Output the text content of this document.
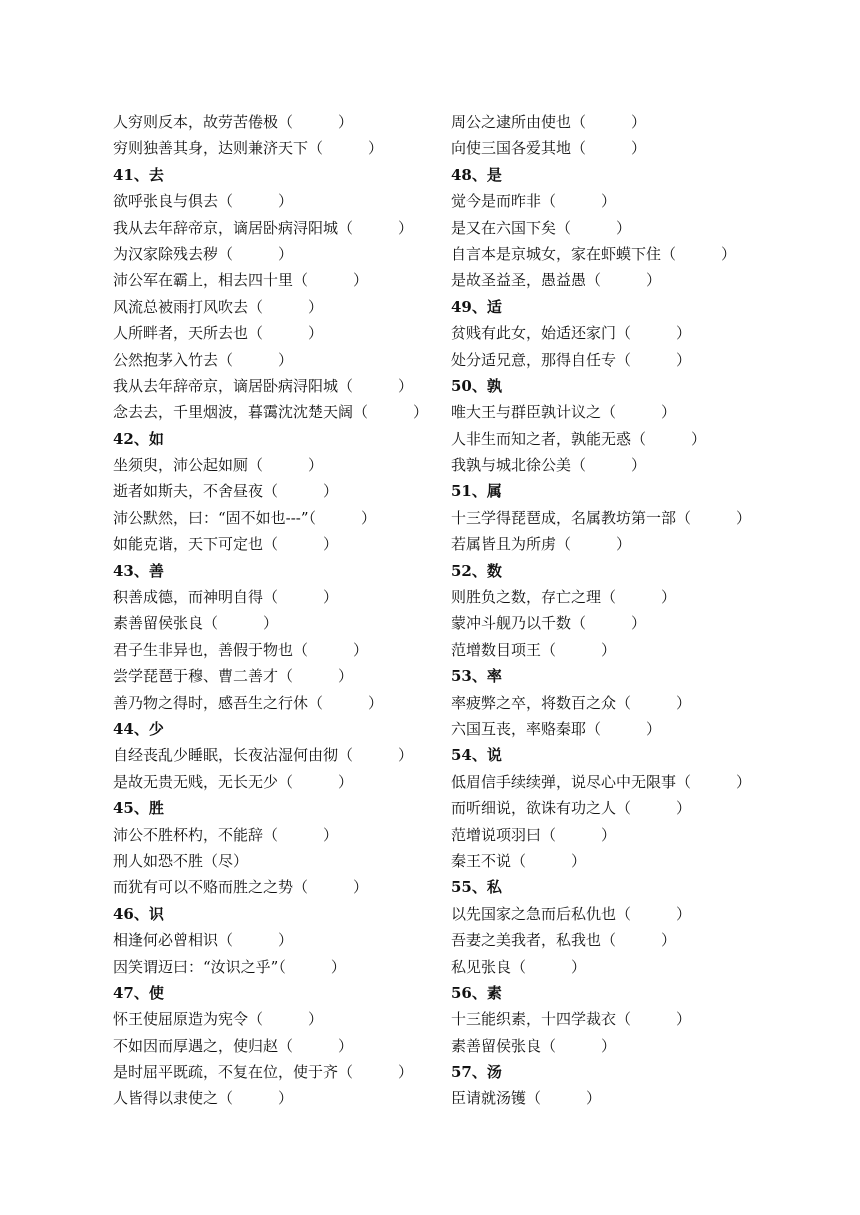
人穷则反本，故劳苦倦极（　　　）
穷则独善其身，达则兼济天下（　　　）
41、去
欲呼张良与俱去（　　　）
我从去年辞帝京，谪居卧病浔阳城（　　　）
为汉家除残去秽（　　　）
沛公军在霸上，相去四十里（　　　）
风流总被雨打风吹去（　　　）
人所畔者，天所去也（　　　）
公然抱茅入竹去（　　　）
我从去年辞帝京，谪居卧病浔阳城（　　　）
念去去，千里烟波，暮霭沈沈楚天阔（　　　）
42、如
坐须臾，沛公起如厕（　　　）
逝者如斯夫，不舍昼夜（　　　）
沛公默然，曰：“固不如也---”（　　　）
如能克谐，天下可定也（　　　）
43、善
积善成德，而神明自得（　　　）
素善留侯张良（　　　）
君子生非异也，善假于物也（　　　）
尝学琵琶于穆、曹二善才（　　　）
善乃物之得时，感吾生之行休（　　　）
44、少
自经丧乱少睡眠，长夜沾湿何由彻（　　　）
是故无贵无贱，无长无少（　　　）
45、胜
沛公不胜杯杓，不能辞（　　　）
刑人如恐不胜（尽）
而犹有可以不赂而胜之之势（　　　）
46、识
相逢何必曾相识（　　　）
因笑谓迈曰：“汝识之乎”（　　　）
47、使
怀王使屈原造为宪令（　　　）
不如因而厚遇之，使归赵（　　　）
是时屈平既疏，不复在位，使于齐（　　　）
人皆得以隶使之（　　　）
周公之逮所由使也（　　　）
向使三国各爱其地（　　　）
48、是
觉今是而昨非（　　　）
是又在六国下矣（　　　）
自言本是京城女，家在虾蟆下住（　　　）
是故圣益圣，愚益愚（　　　）
49、适
贫贱有此女，始适还家门（　　　）
处分适兄意，那得自任专（　　　）
50、孰
唯大王与群臣孰计议之（　　　）
人非生而知之者，孰能无惑（　　　）
我孰与城北徐公美（　　　）
51、属
十三学得琵琶成，名属教坊第一部（　　　）
若属皆且为所虏（　　　）
52、数
则胜负之数，存亡之理（　　　）
蒙冲斗舰乃以千数（　　　）
范增数目项王（　　　）
53、率
率疲弊之卒，将数百之众（　　　）
六国互丧，率赂秦耶（　　　）
54、说
低眉信手续续弹，说尽心中无限事（　　　）
而听细说，欲诛有功之人（　　　）
范增说项羽曰（　　　）
秦王不说（　　　）
55、私
以先国家之急而后私仇也（　　　）
吾妻之美我者，私我也（　　　）
私见张良（　　　）
56、素
十三能织素，十四学裁衣（　　　）
素善留侯张良（　　　）
57、汤
臣请就汤镬（　　　）
